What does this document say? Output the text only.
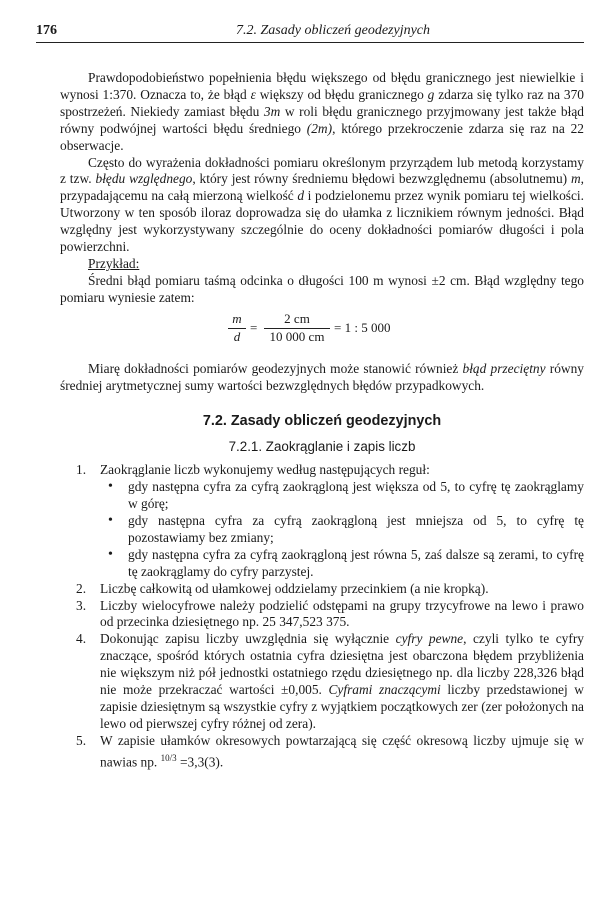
176	7.2. Zasady obliczeń geodezyjnych

Prawdopodobieństwo popełnienia błędu większego od błędu granicznego jest niewielkie i wynosi 1:370. Oznacza to, że błąd ε większy od błędu granicznego g zdarza się tylko raz na 370 spostrzeżeń. Niekiedy zamiast błędu 3m w roli błędu granicznego przyjmowany jest także błąd równy podwójnej wartości błędu średniego (2m), którego przekroczenie zdarza się raz na 22 obserwacje.

Często do wyrażenia dokładności pomiaru określonym przyrządem lub metodą korzystamy z tzw. błędu względnego, który jest równy średniemu błędowi bezwzględnemu (absolutnemu) m, przypadającemu na całą mierzoną wielkość d i podzielonemu przez wynik pomiaru tej wielkości. Utworzony w ten sposób iloraz doprowadza się do ułamka z licznikiem równym jedności. Błąd względny jest wykorzystywany szczególnie do oceny dokładności pomiarów długości i pola powierzchni.

Przykład:

Średni błąd pomiaru taśmą odcinka o długości 100 m wynosi ±2 cm. Błąd względny tego pomiaru wyniesie zatem:

$\frac{m}{d} = \frac{2 cm}{10 000 cm} = 1$ : 5 000

Miarę dokładności pomiarów geodezyjnych może stanowić również błąd przeciętny równy średniej arytmetycznej sumy wartości bezwzględnych błędów przypadkowych.

7.2. Zasady obliczeń geodezyjnych
7.2.1. Zaokrąglanie i zapis liczb
1. Zaokrąglanie liczb wykonujemy według następujących reguł:
• gdy następna cyfra za cyfrą zaokrągloną jest większa od 5, to cyfrę tę zaokrąglamy w górę;
• gdy następna cyfra za cyfrą zaokrągloną jest mniejsza od 5, to cyfrę tę pozostawiamy bez zmiany;
• gdy następna cyfra za cyfrą zaokrągloną jest równa 5, zaś dalsze są zerami, to cyfrę tę zaokrąglamy do cyfry parzystej.
2. Liczbę całkowitą od ułamkowej oddzielamy przecinkiem (a nie kropką).
3. Liczby wielocyfrowe należy podzielić odstępami na grupy trzycyfrowe na lewo i prawo od przecinka dziesiętnego np. 25 347,523 375.
4. Dokonując zapisu liczby uwzględnia się wyłącznie cyfry pewne, czyli tylko te cyfry znaczące, spośród których ostatnia cyfra dziesiętna jest obarczona błędem przybliżenia nie większym niż pół jednostki ostatniego rzędu dziesiętnego np. dla liczby 228,326 błąd nie może przekraczać wartości ±0,005. Cyframi znaczącymi liczby przedstawionej w zapisie dziesiętnym są wszystkie cyfry z wyjątkiem początkowych zer (zer położonych na lewo od pierwszej cyfry różnej od zera).
5. W zapisie ułamków okresowych powtarzającą się część okresową liczby ujmuje się w nawias np. $^{10/3}$ =3,3(3).
